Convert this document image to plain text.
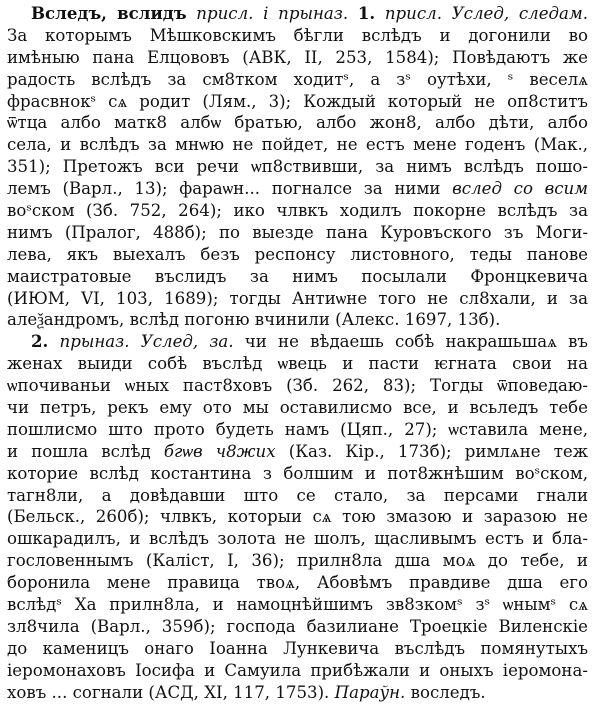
Вследъ, вслидъ присл. і прыназ. 1. присл. Услед, следам.
За которымъ Мѣшковскимъ бѣгли вслѣдъ и догонили во
имѣныю пана Елцововъ (АВК, II, 253, 1584); Повѣдаютъ же
радость вслѣдъ за см8тком ходитˢ, а зˢ оутѣхи, ˢ веселѧ
фрасвнокˢ сѧ родит (Лям., 3); Кождый который не оп8ститъ
ѿтца албо матк8 албѡ братью, албо жон8, албо дѣти, албо
села, и вслѣдъ за мнѡю не пойдет, не естъ мене годенъ (Мак.,
351); Претожъ вси речи ѡп8ствивши, за нимъ вслѣдъ пошо-
лемъ (Варл., 13); фараѡн... погналсе за ними вслед со всим
воˢском (Зб. 752, 264); ико члвкъ ходилъ покорне вслѣдъ за
нимъ (Пралог, 488б); по выезде пана Куровъского зъ Моги-
лева, якъ выехалъ безъ респонсу листовного, теды панове
маистратовые въслидъ за нимъ посылали Фронцкевича
(ИЮМ, VI, 103, 1689); тогды Антиѡне того не сл8хали, и за
алеѯандромъ, вслѣд погоню вчинили (Алекс. 1697, 13б).
2. прыназ. Услед, за. чи не вѣдаешь собѣ накрашьшаѧ въ
женах выиди собѣ въслѣд ѡвець и пасти ѥгната свои на
ѡпочиваньи ѡных паст8ховъ (Зб. 262, 83); Тогды ѿповедаю-
чи петръ, рекъ ему ото мы оставилисмо все, и всьледъ тебе
пошлисмо што прото будеть намъ (Цяп., 27); ѡставила мене,
и пошла вслѣд бгѡв ч8жих (Каз. Кір., 173б); римлѧне теж
которие вслѣд костантина з болшим и пот8жнѣшим воˢском,
тагн8ли, а довѣдавши што се стало, за персами гнали
(Бельск., 260б); члвкъ, которыи сѧ тою змазою и заразою не
ошкарадилъ, и вслѣдъ золота не шолъ, щасливымъ естъ и бла-
гословеннымъ (Каліст, І, 36); прилн8ла дша моѧ до тебе, и
боронила мене правица твоѧ, Абовѣмъ правдиве дша его
вслѣдˢ Ха прилн8ла, и намоцнѣйшимъ зв8зкомˢ зˢ ѡнымˢ сѧ
зл8чила (Варл., 359б); господа базилиане Троецкіе Виленскіе
до каменицъ онаго Іоанна Лункевича въслѣдъ помянутыхъ
іеромонаховъ Іосифа и Самуила прибѣжали и оныхъ іеромона-
ховъ ... согнали (АСД, XI, 117, 1753). Параўн. воследъ.
